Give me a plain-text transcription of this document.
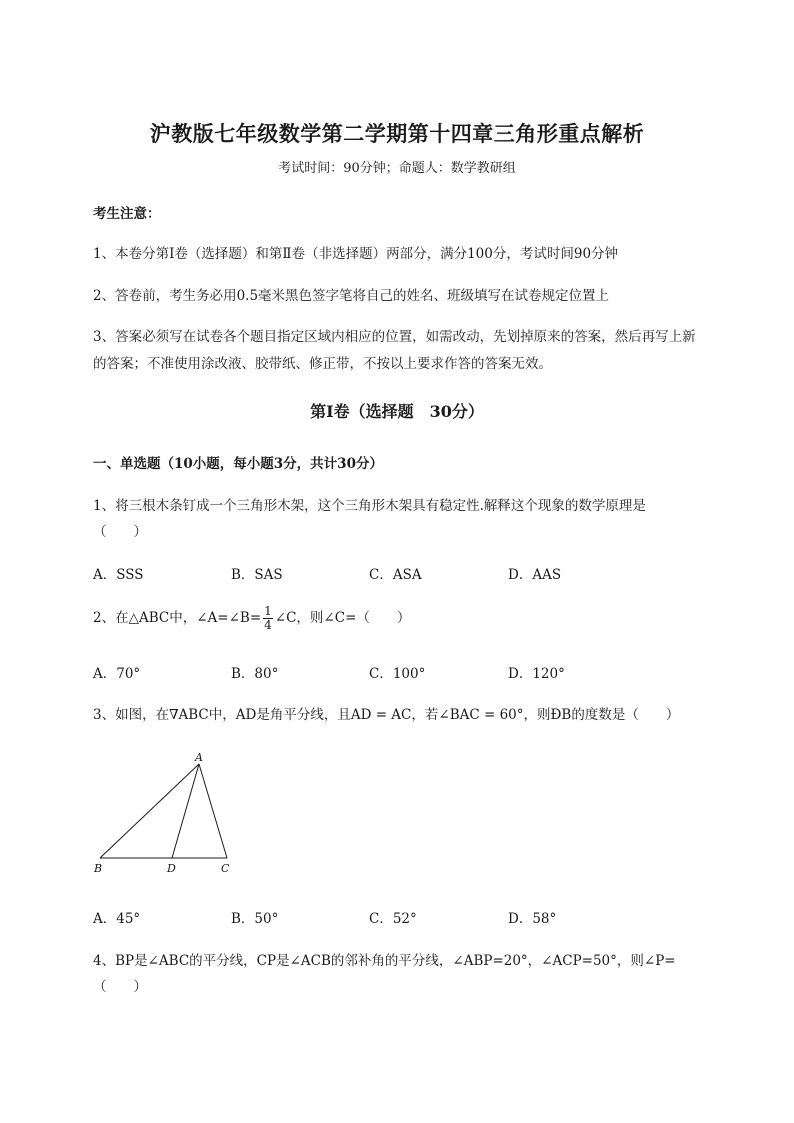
沪教版七年级数学第二学期第十四章三角形重点解析
考试时间：90分钟；命题人：数学教研组
考生注意：
1、本卷分第I卷（选择题）和第Ⅱ卷（非选择题）两部分，满分100分，考试时间90分钟
2、答卷前，考生务必用0.5毫米黑色签字笔将自己的姓名、班级填写在试卷规定位置上
3、答案必须写在试卷各个题目指定区域内相应的位置，如需改动，先划掉原来的答案，然后再写上新
的答案；不准使用涂改液、胶带纸、修正带，不按以上要求作答的答案无效。
第I卷（选择题　30分）
一、单选题（10小题，每小题3分，共计30分）
1、将三根木条钉成一个三角形木架，这个三角形木架具有稳定性.解释这个现象的数学原理是
（　　）
A．SSS	B．SAS	C．ASA	D．AAS
2、在△ABC中，∠A=∠B= $\frac{1}{4}$ ∠C，则∠C=（　　）
A．70°	B．80°	C．100°	D．120°
3、如图，在∇ABC中，AD是角平分线，且AD = AC，若∠BAC = 60°，则ÐB的度数是（　　）
A
B	D	C
A．45°	B．50°	C．52°	D．58°
4、BP是∠ABC的平分线，CP是∠ACB的邻补角的平分线，∠ABP=20°，∠ACP=50°，则∠P=
（　　）
